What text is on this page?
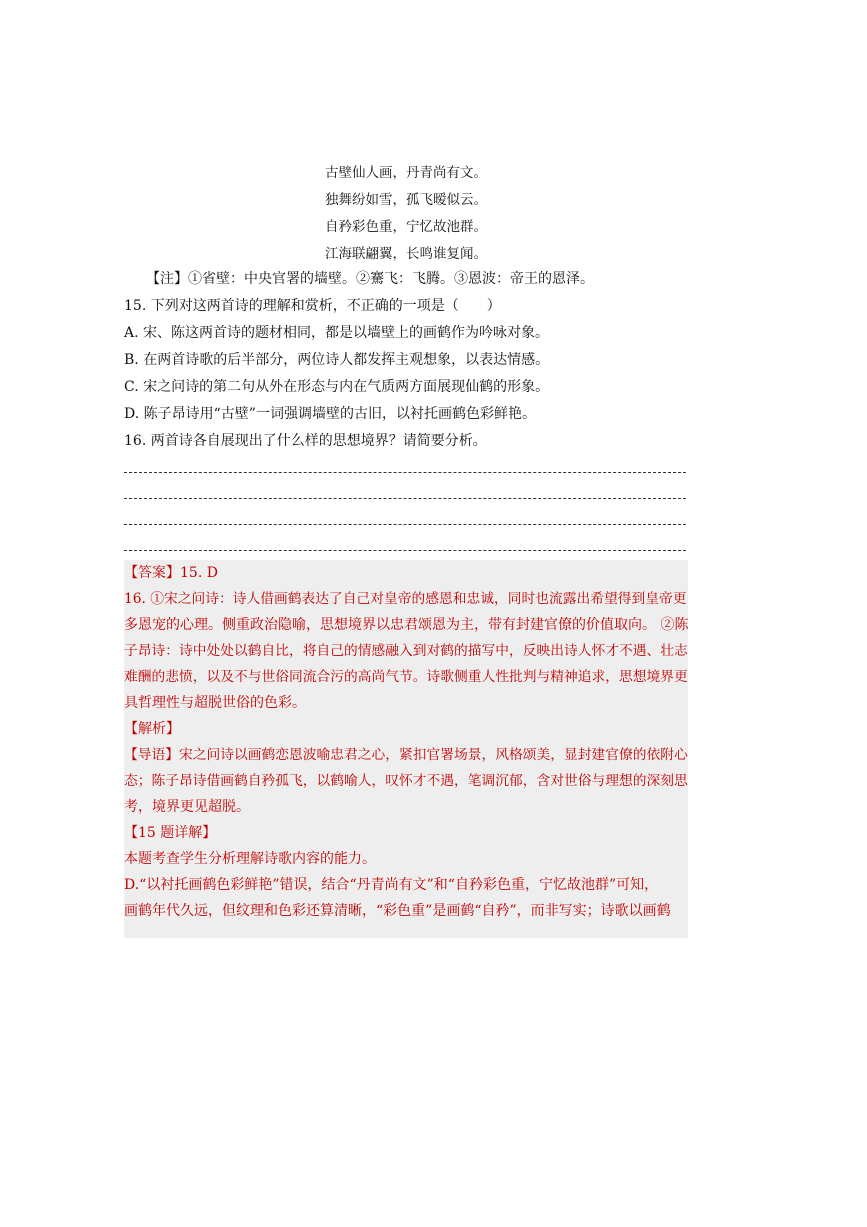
古壁仙人画，丹青尚有文。
独舞纷如雪，孤飞暧似云。
自矜彩色重，宁忆故池群。
江海联翩翼，长鸣谁复闻。
【注】①省壁：中央官署的墙壁。②騫飞：飞腾。③恩波：帝王的恩泽。
15. 下列对这两首诗的理解和赏析，不正确的一项是（　　）
A. 宋、陈这两首诗的题材相同，都是以墙壁上的画鹤作为吟咏对象。
B. 在两首诗歌的后半部分，两位诗人都发挥主观想象，以表达情感。
C. 宋之问诗的第二句从外在形态与内在气质两方面展现仙鹤的形象。
D. 陈子昂诗用“古壁”一词强调墙壁的古旧，以衬托画鹤色彩鲜艳。
16. 两首诗各自展现出了什么样的思想境界？请简要分析。
【答案】15. D
16. ①宋之问诗：诗人借画鹤表达了自己对皇帝的感恩和忠诚，同时也流露出希望得到皇帝更
多恩宠的心理。侧重政治隐喻，思想境界以忠君颂恩为主，带有封建官僚的价值取向。 ②陈
子昂诗：诗中处处以鹤自比，将自己的情感融入到对鹤的描写中，反映出诗人怀才不遇、壮志
难酬的悲愤，以及不与世俗同流合污的高尚气节。诗歌侧重人性批判与精神追求，思想境界更
具哲理性与超脱世俗的色彩。
【解析】
【导语】宋之问诗以画鹤恋恩波喻忠君之心，紧扣官署场景，风格颂美，显封建官僚的依附心
态；陈子昂诗借画鹤自矜孤飞，以鹤喻人，叹怀才不遇，笔调沉郁，含对世俗与理想的深刻思
考，境界更见超脱。
【15 题详解】
本题考查学生分析理解诗歌内容的能力。
D.“以衬托画鹤色彩鲜艳”错误，结合“丹青尚有文”和“自矜彩色重，宁忆故池群”可知，
画鹤年代久远，但纹理和色彩还算清晰，“彩色重”是画鹤“自矜”，而非写实；诗歌以画鹤
